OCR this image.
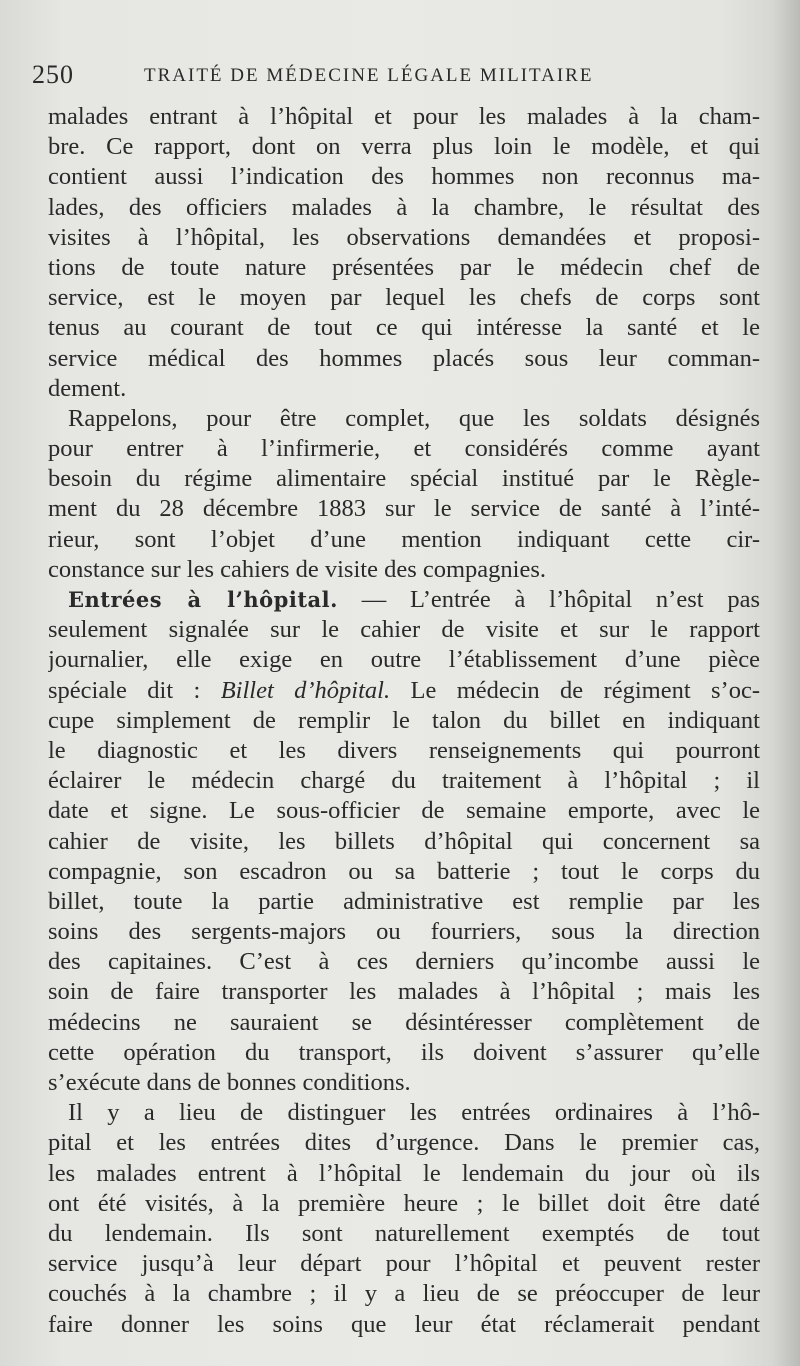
250	TRAITÉ DE MÉDECINE LÉGALE MILITAIRE
malades entrant à l’hôpital et pour les malades à la cham-
bre. Ce rapport, dont on verra plus loin le modèle, et qui
contient aussi l’indication des hommes non reconnus ma-
lades, des officiers malades à la chambre, le résultat des
visites à l’hôpital, les observations demandées et proposi-
tions de toute nature présentées par le médecin chef de
service, est le moyen par lequel les chefs de corps sont
tenus au courant de tout ce qui intéresse la santé et le
service médical des hommes placés sous leur comman-
dement.
Rappelons, pour être complet, que les soldats désignés
pour entrer à l’infirmerie, et considérés comme ayant
besoin du régime alimentaire spécial institué par le Règle-
ment du 28 décembre 1883 sur le service de santé à l’inté-
rieur, sont l’objet d’une mention indiquant cette cir-
constance sur les cahiers de visite des compagnies.
Entrées à l’hôpital. — L’entrée à l’hôpital n’est pas
seulement signalée sur le cahier de visite et sur le rapport
journalier, elle exige en outre l’établissement d’une pièce
spéciale dit : Billet d’hôpital. Le médecin de régiment s’oc-
cupe simplement de remplir le talon du billet en indiquant
le diagnostic et les divers renseignements qui pourront
éclairer le médecin chargé du traitement à l’hôpital ; il
date et signe. Le sous-officier de semaine emporte, avec le
cahier de visite, les billets d’hôpital qui concernent sa
compagnie, son escadron ou sa batterie ; tout le corps du
billet, toute la partie administrative est remplie par les
soins des sergents-majors ou fourriers, sous la direction
des capitaines. C’est à ces derniers qu’incombe aussi le
soin de faire transporter les malades à l’hôpital ; mais les
médecins ne sauraient se désintéresser complètement de
cette opération du transport, ils doivent s’assurer qu’elle
s’exécute dans de bonnes conditions.
Il y a lieu de distinguer les entrées ordinaires à l’hô-
pital et les entrées dites d’urgence. Dans le premier cas,
les malades entrent à l’hôpital le lendemain du jour où ils
ont été visités, à la première heure ; le billet doit être daté
du lendemain. Ils sont naturellement exemptés de tout
service jusqu’à leur départ pour l’hôpital et peuvent rester
couchés à la chambre ; il y a lieu de se préoccuper de leur
faire donner les soins que leur état réclamerait pendant
